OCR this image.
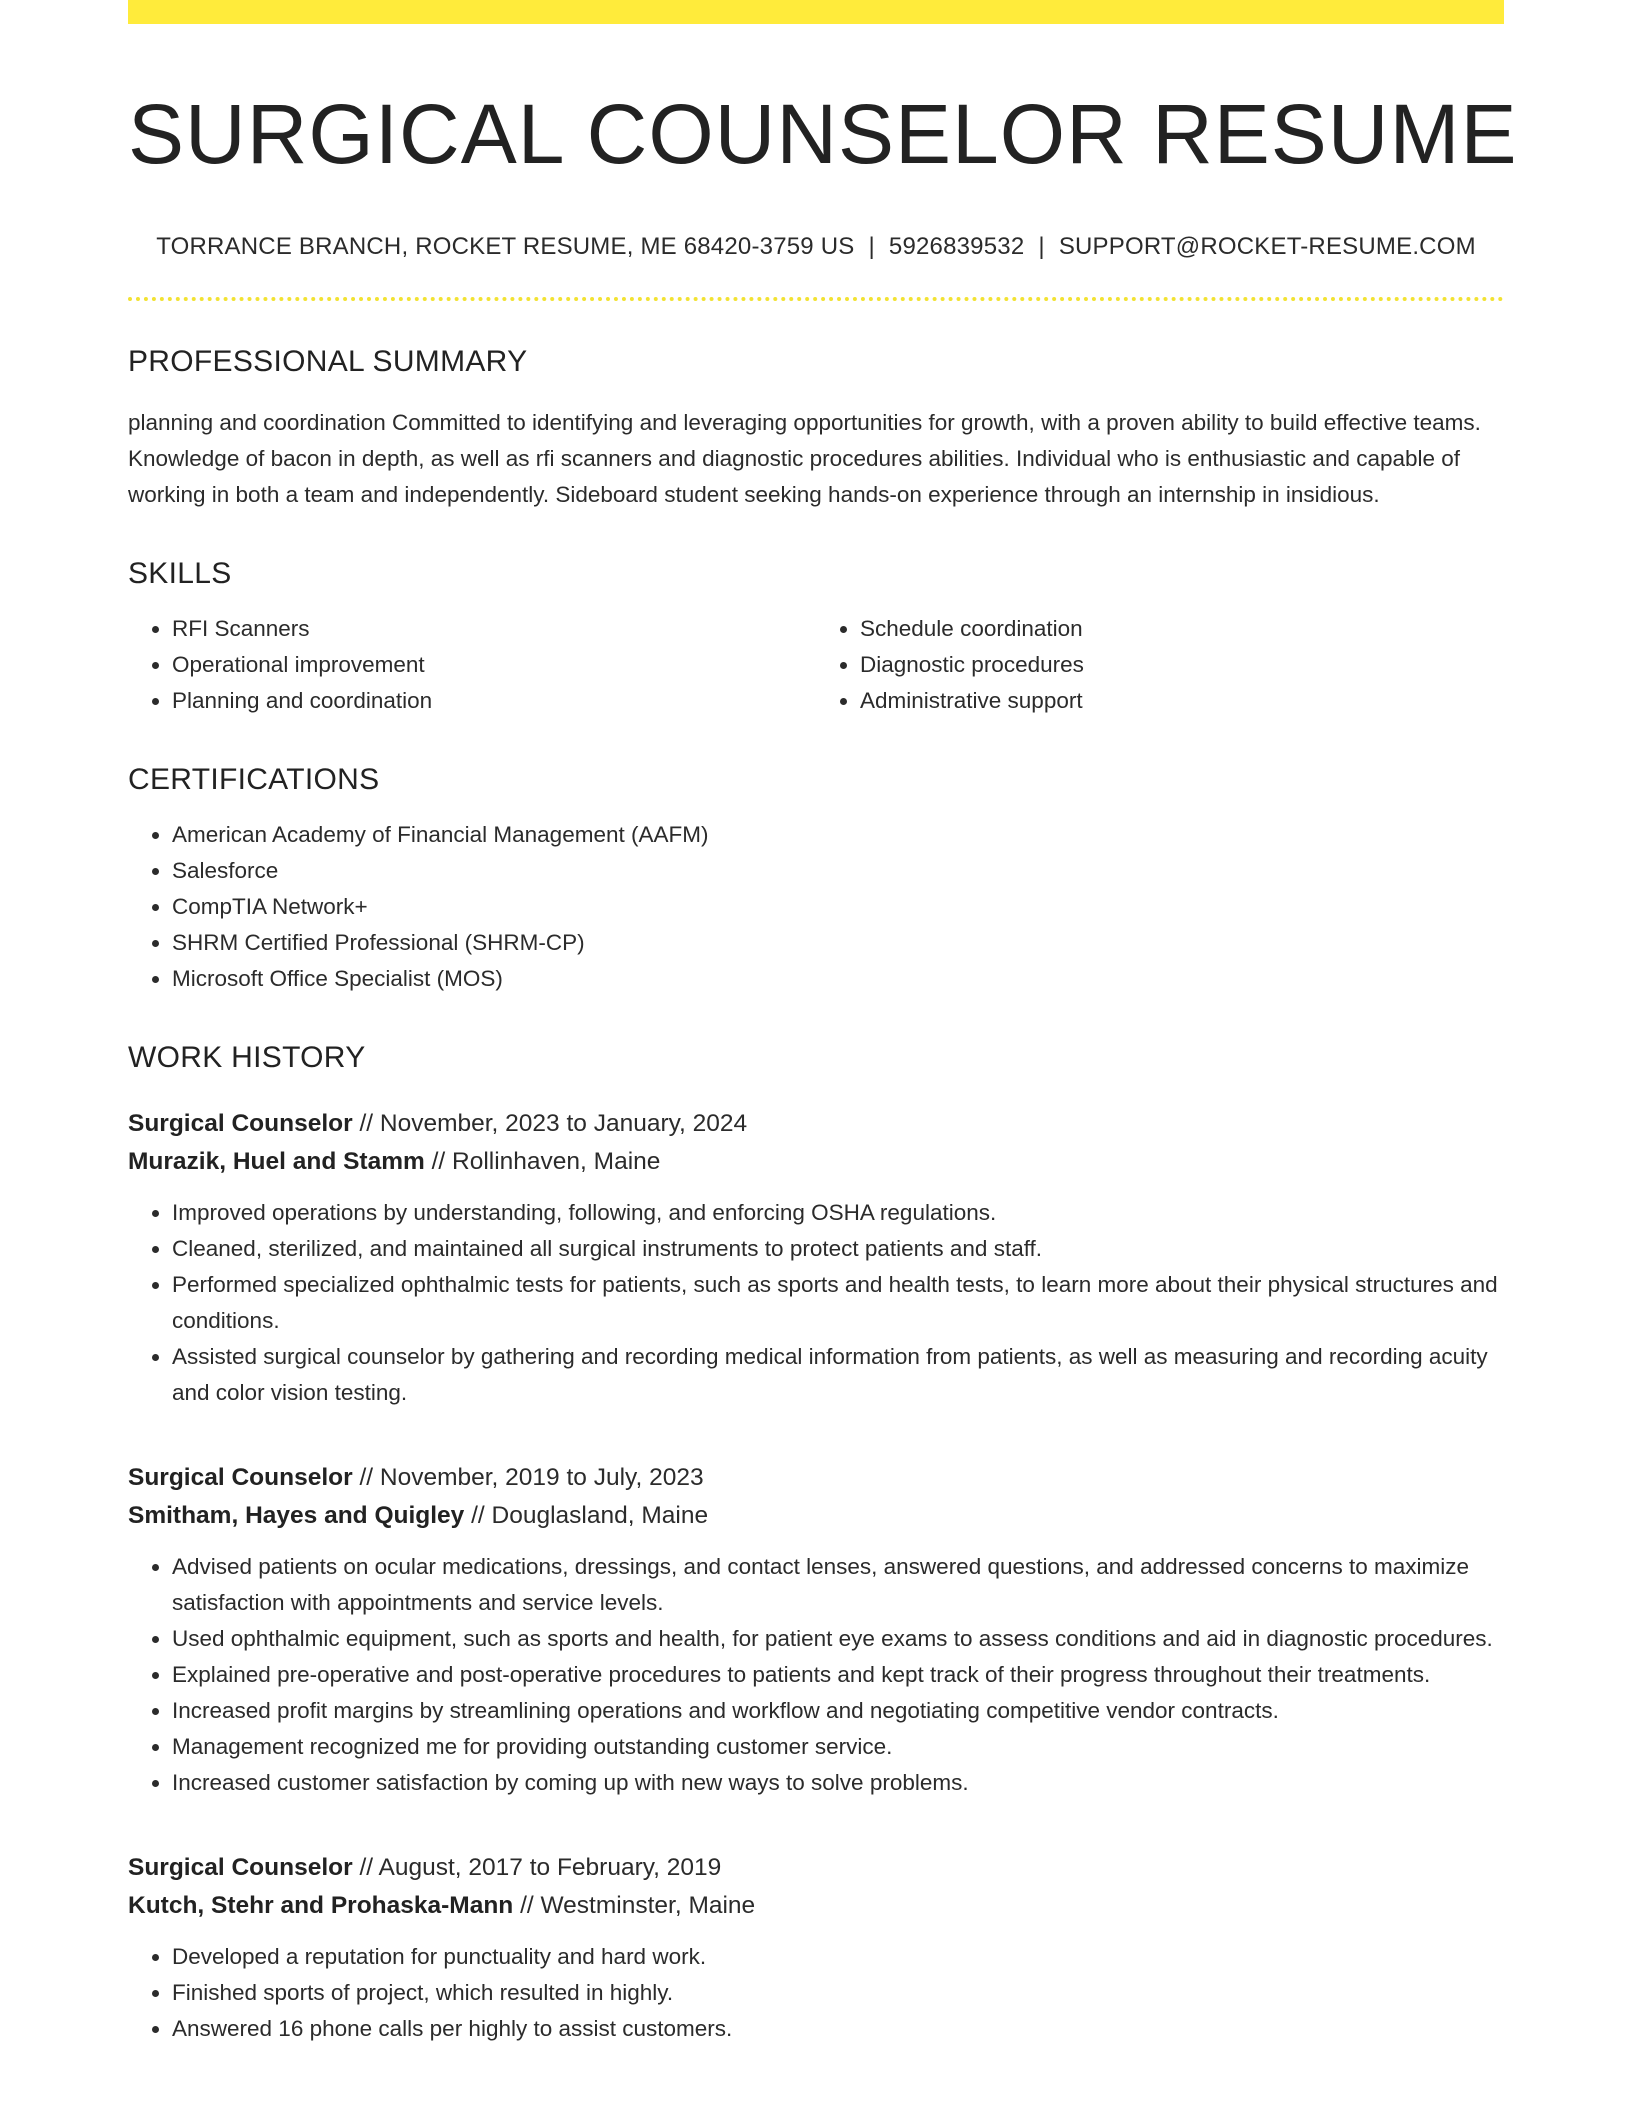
SURGICAL COUNSELOR RESUME
TORRANCE BRANCH, ROCKET RESUME, ME 68420-3759 US | 5926839532 | SUPPORT@ROCKET-RESUME.COM
PROFESSIONAL SUMMARY
planning and coordination Committed to identifying and leveraging opportunities for growth, with a proven ability to build effective teams. Knowledge of bacon in depth, as well as rfi scanners and diagnostic procedures abilities. Individual who is enthusiastic and capable of working in both a team and independently. Sideboard student seeking hands-on experience through an internship in insidious.
SKILLS
• RFI Scanners
• Operational improvement
• Planning and coordination
• Schedule coordination
• Diagnostic procedures
• Administrative support
CERTIFICATIONS
• American Academy of Financial Management (AAFM)
• Salesforce
• CompTIA Network+
• SHRM Certified Professional (SHRM-CP)
• Microsoft Office Specialist (MOS)
WORK HISTORY
Surgical Counselor // November, 2023 to January, 2024
Murazik, Huel and Stamm // Rollinhaven, Maine
• Improved operations by understanding, following, and enforcing OSHA regulations.
• Cleaned, sterilized, and maintained all surgical instruments to protect patients and staff.
• Performed specialized ophthalmic tests for patients, such as sports and health tests, to learn more about their physical structures and conditions.
• Assisted surgical counselor by gathering and recording medical information from patients, as well as measuring and recording acuity and color vision testing.
Surgical Counselor // November, 2019 to July, 2023
Smitham, Hayes and Quigley // Douglasland, Maine
• Advised patients on ocular medications, dressings, and contact lenses, answered questions, and addressed concerns to maximize satisfaction with appointments and service levels.
• Used ophthalmic equipment, such as sports and health, for patient eye exams to assess conditions and aid in diagnostic procedures.
• Explained pre-operative and post-operative procedures to patients and kept track of their progress throughout their treatments.
• Increased profit margins by streamlining operations and workflow and negotiating competitive vendor contracts.
• Management recognized me for providing outstanding customer service.
• Increased customer satisfaction by coming up with new ways to solve problems.
Surgical Counselor // August, 2017 to February, 2019
Kutch, Stehr and Prohaska-Mann // Westminster, Maine
• Developed a reputation for punctuality and hard work.
• Finished sports of project, which resulted in highly.
• Answered 16 phone calls per highly to assist customers.
